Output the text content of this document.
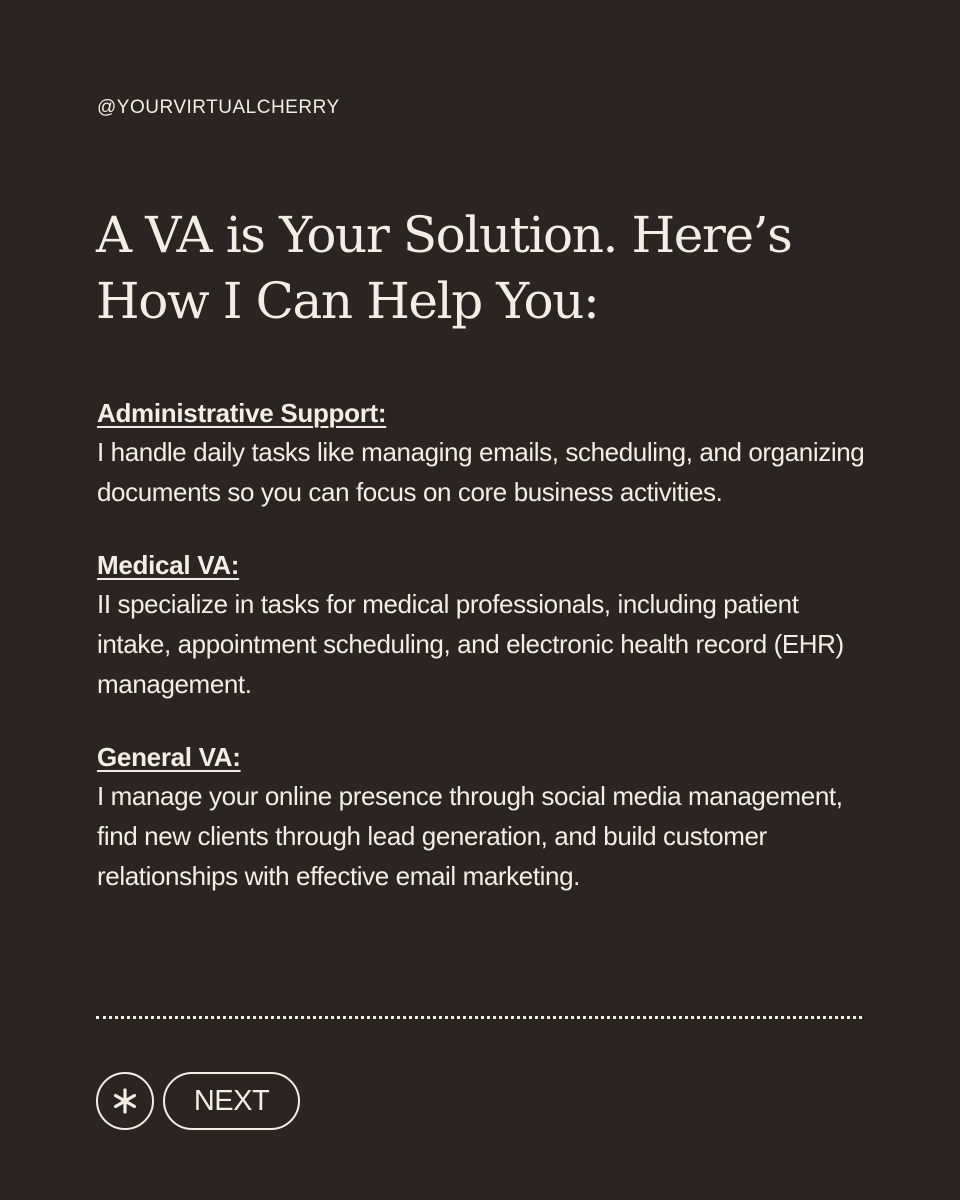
@YOURVIRTUALCHERRY
A VA is Your Solution. Here’s
How I Can Help You:
Administrative Support:

I handle daily tasks like managing emails, scheduling, and organizing documents so you can focus on core business activities.

Medical VA:

II specialize in tasks for medical professionals, including patient intake, appointment scheduling, and electronic health record (EHR) management.

General VA:

I manage your online presence through social media management, find new clients through lead generation, and build customer relationships with effective email marketing.

NEXT
